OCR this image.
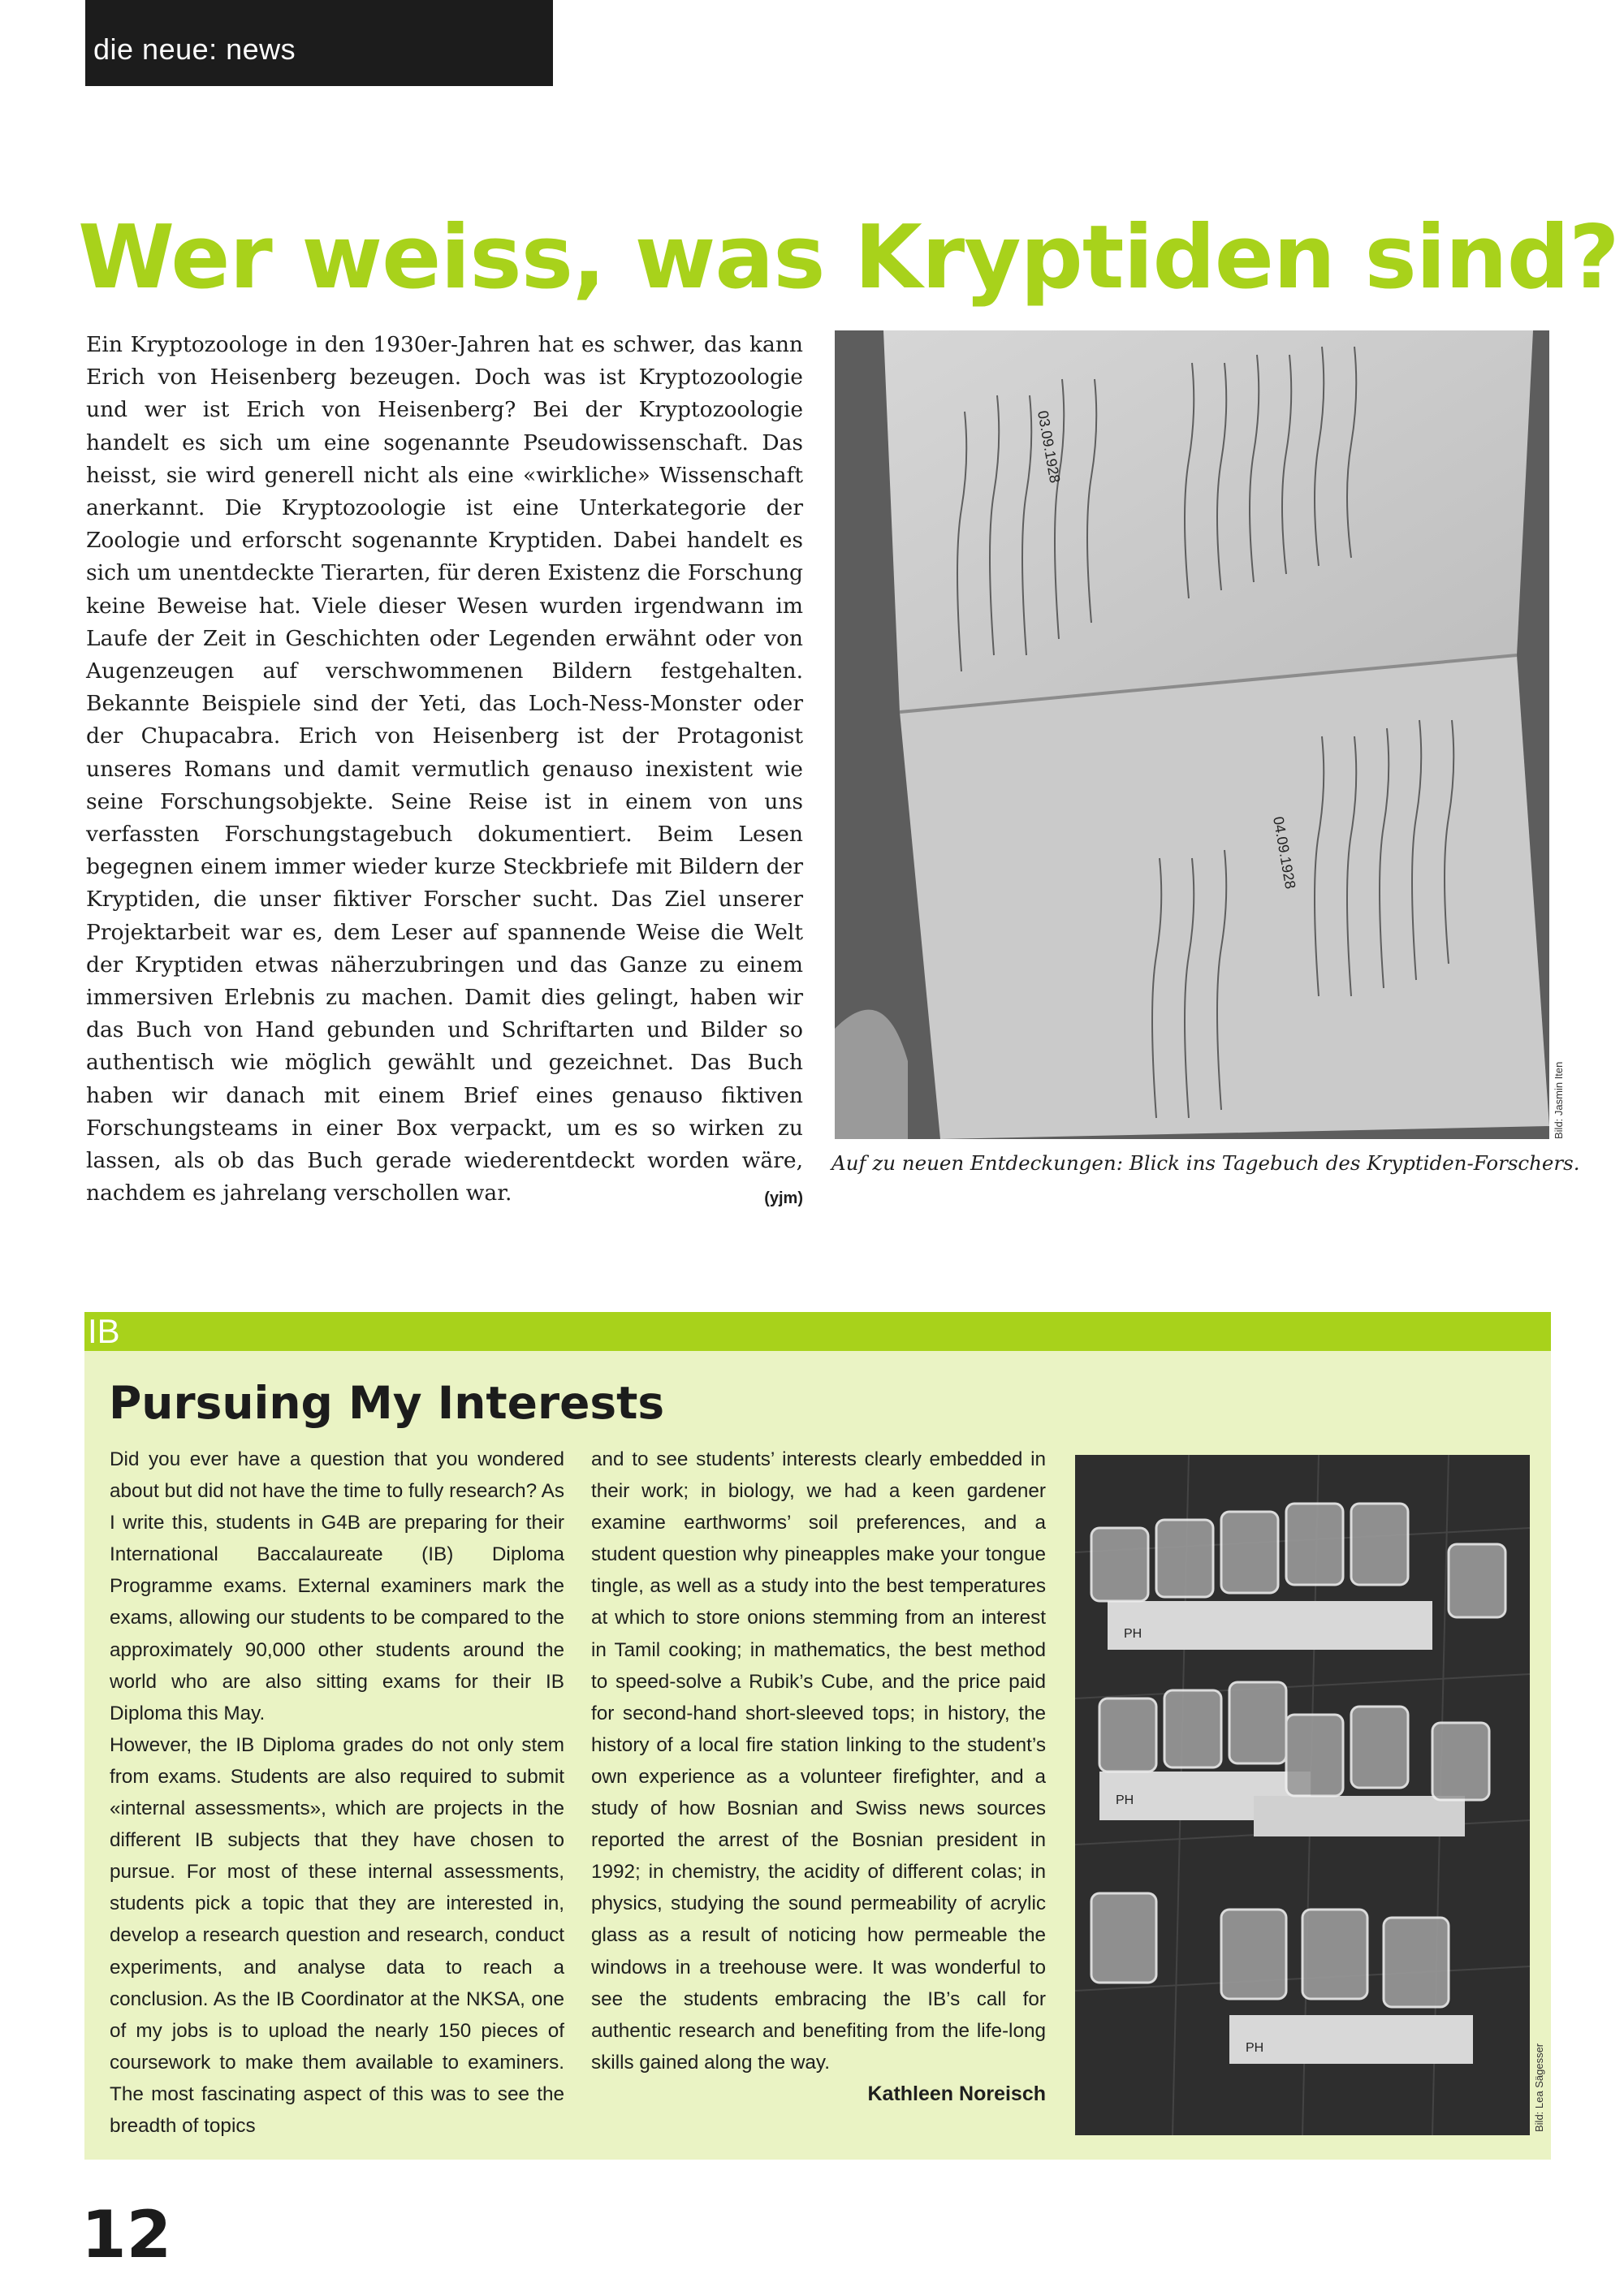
die neue: news
Wer weiss, was Kryptiden sind?
Ein Kryptozoologe in den 1930er-Jahren hat es schwer, das kann Erich von Heisenberg bezeugen. Doch was ist Kryptozoologie und wer ist Erich von Heisenberg? Bei der Kryptozoologie handelt es sich um eine sogenannte Pseudowissenschaft. Das heisst, sie wird generell nicht als eine «wirkliche» Wissenschaft anerkannt. Die Kryptozoologie ist eine Unterkategorie der Zoologie und erforscht sogenannte Kryptiden. Dabei handelt es sich um unentdeckte Tierarten, für deren Existenz die Forschung keine Beweise hat. Viele dieser Wesen wurden irgendwann im Laufe der Zeit in Geschichten oder Legenden erwähnt oder von Augenzeugen auf verschwommenen Bildern festgehalten. Bekannte Beispiele sind der Yeti, das Loch-Ness-Monster oder der Chupacabra. Erich von Heisenberg ist der Protagonist unseres Romans und damit vermutlich genauso inexistent wie seine Forschungsobjekte. Seine Reise ist in einem von uns verfassten Forschungstagebuch dokumentiert. Beim Lesen begegnen einem immer wieder kurze Steckbriefe mit Bildern der Kryptiden, die unser fiktiver Forscher sucht. Das Ziel unserer Projektarbeit war es, dem Leser auf spannende Weise die Welt der Kryptiden etwas näherzubringen und das Ganze zu einem immersiven Erlebnis zu machen. Damit dies gelingt, haben wir das Buch von Hand gebunden und Schriftarten und Bilder so authentisch wie möglich gewählt und gezeichnet. Das Buch haben wir danach mit einem Brief eines genauso fiktiven Forschungsteams in einer Box verpackt, um es so wirken zu lassen, als ob das Buch gerade wiederentdeckt worden wäre, nachdem es jahrelang verschollen war.	(yjm)
03.09.1928
04.09.1928
Bild: Jasmin Iten
Auf zu neuen Entdeckungen: Blick ins Tagebuch des Kryptiden-Forschers.
IB
Pursuing My Interests

Did you ever have a question that you wondered about but did not have the time to fully research? As I write this, students in G4B are preparing for their International Baccalaureate (IB) Diploma Programme exams. External examiners mark the exams, allowing our students to be compared to the approximately 90,000 other students around the world who are also sitting exams for their IB Diploma this May.

However, the IB Diploma grades do not only stem from exams. Students are also required to submit «internal assessments», which are projects in the different IB subjects that they have chosen to pursue. For most of these internal assessments, students pick a topic that they are interested in, develop a research question and research, conduct experiments, and analyse data to reach a conclusion. As the IB Coordinator at the NKSA, one of my jobs is to upload the nearly 150 pieces of coursework to make them available to examiners. The most fascinating aspect of this was to see the breadth of topics

and to see students’ interests clearly embedded in their work; in biology, we had a keen gardener examine earthworms’ soil preferences, and a student question why pineapples make your tongue tingle, as well as a study into the best temperatures at which to store onions stemming from an interest in Tamil cooking; in mathematics, the best method to speed-solve a Rubik’s Cube, and the price paid for second-hand short-sleeved tops; in history, the history of a local fire station linking to the student’s own experience as a volunteer firefighter, and a study of how Bosnian and Swiss news sources reported the arrest of the Bosnian president in 1992; in chemistry, the acidity of different colas; in physics, studying the sound permeability of acrylic glass as a result of noticing how permeable the windows in a treehouse were. It was wonderful to see the students embracing the IB’s call for authentic research and benefiting from the life-long skills gained along the way.

Kathleen Noreisch

PH
PH
PH	Bild: Lea Sägesser
12
